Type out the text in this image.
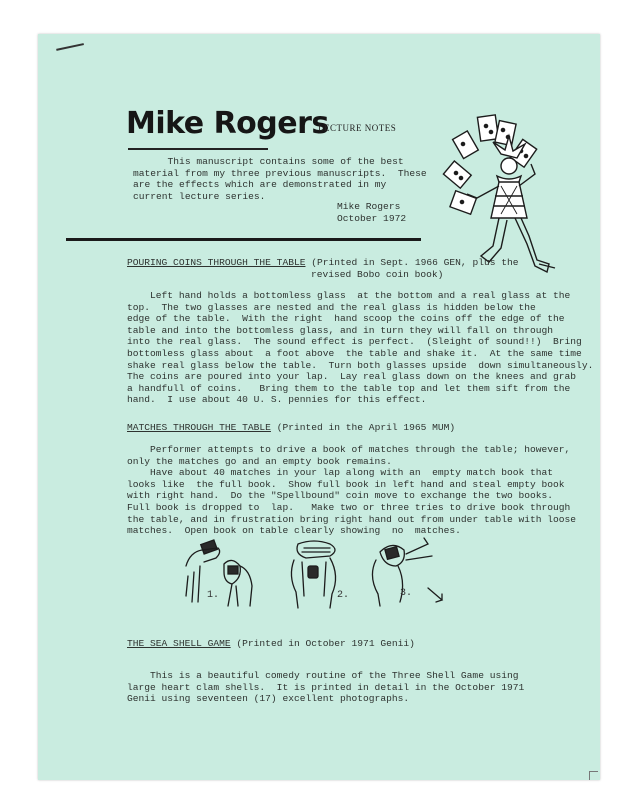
Mike Rogers
LECTURE NOTES
This manuscript contains some of the best
material from my three previous manuscripts.  These
are the effects which are demonstrated in my
current lecture series.
Mike Rogers
October 1972
POURING COINS THROUGH THE TABLE (Printed in Sept. 1966 GEN, plus the
revised Bobo coin book)
Left hand holds a bottomless glass  at the bottom and a real glass at the
top.  The two glasses are nested and the real glass is hidden below the
edge of the table.  With the right  hand scoop the coins off the edge of the
table and into the bottomless glass, and in turn they will fall on through
into the real glass.  The sound effect is perfect.  (Sleight of sound!!)  Bring
bottomless glass about  a foot above  the table and shake it.  At the same time
shake real glass below the table.  Turn both glasses upside  down simultaneously.
The coins are poured into your lap.  Lay real glass down on the knees and grab
a handfull of coins.   Bring them to the table top and let them sift from the
hand.  I use about 40 U. S. pennies for this effect.
MATCHES THROUGH THE TABLE (Printed in the April 1965 MUM)
Performer attempts to drive a book of matches through the table; however,
only the matches go and an empty book remains.
Have about 40 matches in your lap along with an  empty match book that
looks like  the full book.  Show full book in left hand and steal empty book
with right hand.  Do the "Spellbound" coin move to exchange the two books.
Full book is dropped to  lap.   Make two or three tries to drive book through
the table, and in frustration bring right hand out from under table with loose
matches.  Open book on table clearly showing  no  matches.
1.	2.	3.
THE SEA SHELL GAME (Printed in October 1971 Genii)
This is a beautiful comedy routine of the Three Shell Game using
large heart clam shells.  It is printed in detail in the October 1971
Genii using seventeen (17) excellent photographs.
